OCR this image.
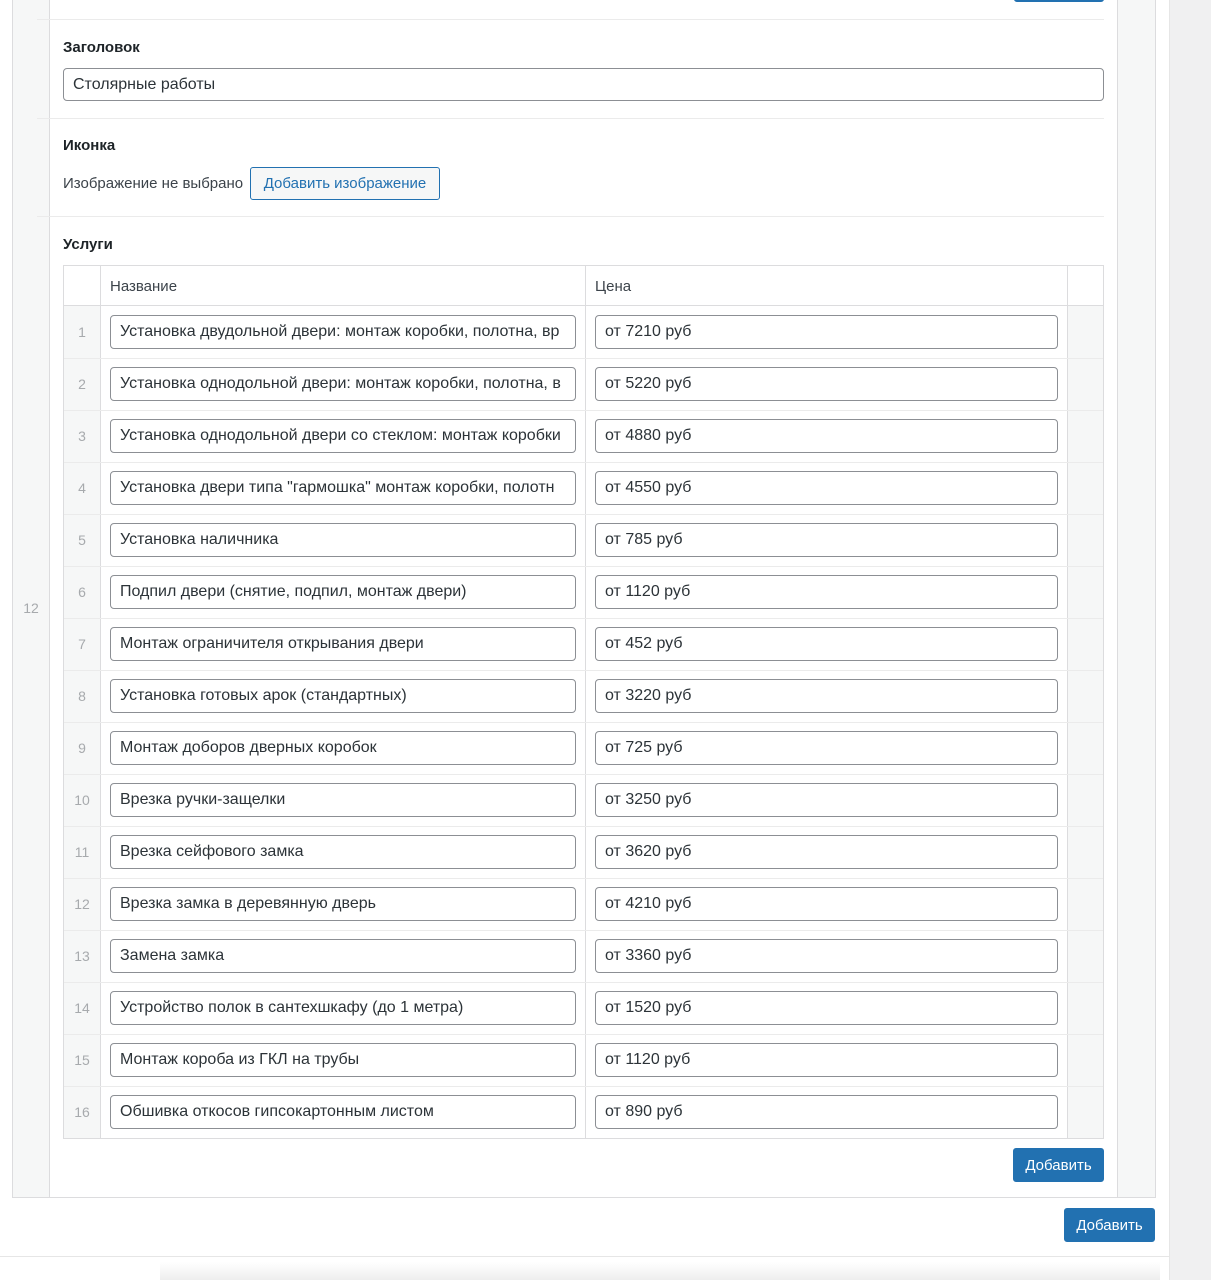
12
Заголовок
Столярные работы
Иконка
Изображение не выбрано	Добавить изображение
Услуги
Название	Цена
1
Установка двудольной двери: монтаж коробки, полотна, вр
от 7210 руб
2
Установка однодольной двери: монтаж коробки, полотна, в
от 5220 руб
3
Установка однодольной двери со стеклом: монтаж коробки
от 4880 руб
4
Установка двери типа "гармошка" монтаж коробки, полотн
от 4550 руб
5
Установка наличника
от 785 руб
6
Подпил двери (снятие, подпил, монтаж двери)
от 1120 руб
7
Монтаж ограничителя открывания двери
от 452 руб
8
Установка готовых арок (стандартных)
от 3220 руб
9
Монтаж доборов дверных коробок
от 725 руб
10
Врезка ручки-защелки
от 3250 руб
11
Врезка сейфового замка
от 3620 руб
12
Врезка замка в деревянную дверь
от 4210 руб
13
Замена замка
от 3360 руб
14
Устройство полок в сантехшкафу (до 1 метра)
от 1520 руб
15
Монтаж короба из ГКЛ на трубы
от 1120 руб
16
Обшивка откосов гипсокартонным листом
от 890 руб
Добавить
Добавить
